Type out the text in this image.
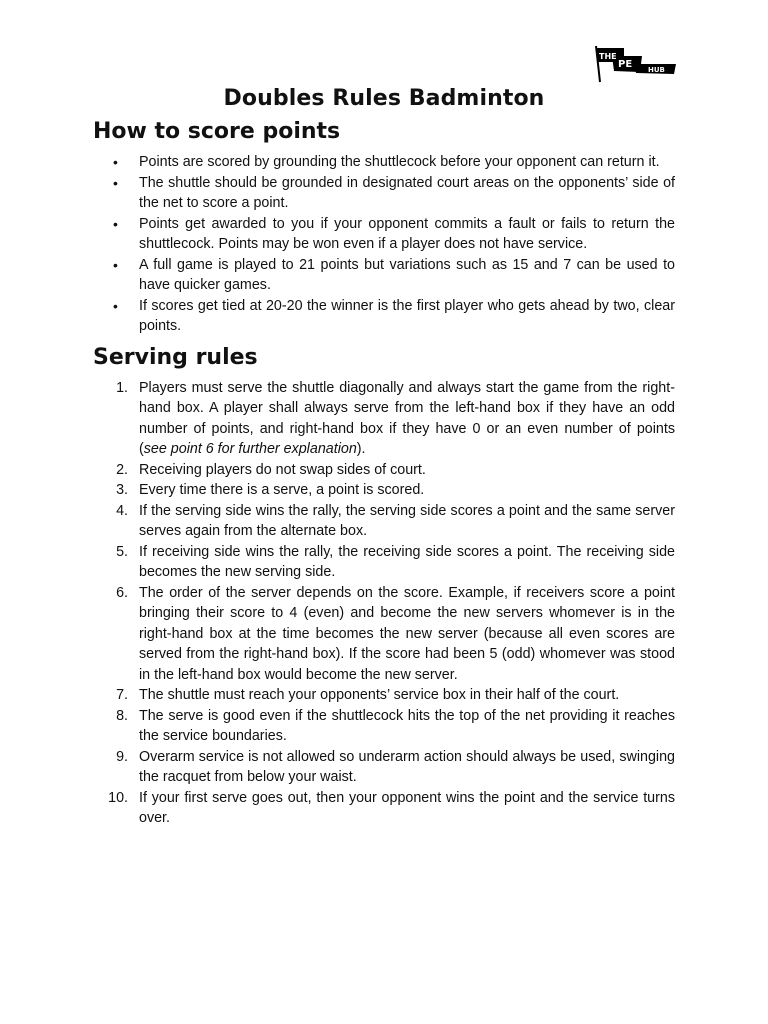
THE
PE HUB
Doubles Rules Badminton
How to score points
• Points are scored by grounding the shuttlecock before your opponent can return it.
• The shuttle should be grounded in designated court areas on the opponents’ side of the net to score a point.
• Points get awarded to you if your opponent commits a fault or fails to return the shuttlecock. Points may be won even if a player does not have service.
• A full game is played to 21 points but variations such as 15 and 7 can be used to have quicker games.
• If scores get tied at 20-20 the winner is the first player who gets ahead by two, clear points.
Serving rules
1. Players must serve the shuttle diagonally and always start the game from the right-hand box. A player shall always serve from the left-hand box if they have an odd number of points, and right-hand box if they have 0 or an even number of points (see point 6 for further explanation).
2. Receiving players do not swap sides of court.
3. Every time there is a serve, a point is scored.
4. If the serving side wins the rally, the serving side scores a point and the same server serves again from the alternate box.
5. If receiving side wins the rally, the receiving side scores a point. The receiving side becomes the new serving side.
6. The order of the server depends on the score. Example, if receivers score a point bringing their score to 4 (even) and become the new servers whomever is in the right-hand box at the time becomes the new server (because all even scores are served from the right-hand box). If the score had been 5 (odd) whomever was stood in the left-hand box would become the new server.
7. The shuttle must reach your opponents’ service box in their half of the court.
8. The serve is good even if the shuttlecock hits the top of the net providing it reaches the service boundaries.
9. Overarm service is not allowed so underarm action should always be used, swinging the racquet from below your waist.
10. If your first serve goes out, then your opponent wins the point and the service turns over.
